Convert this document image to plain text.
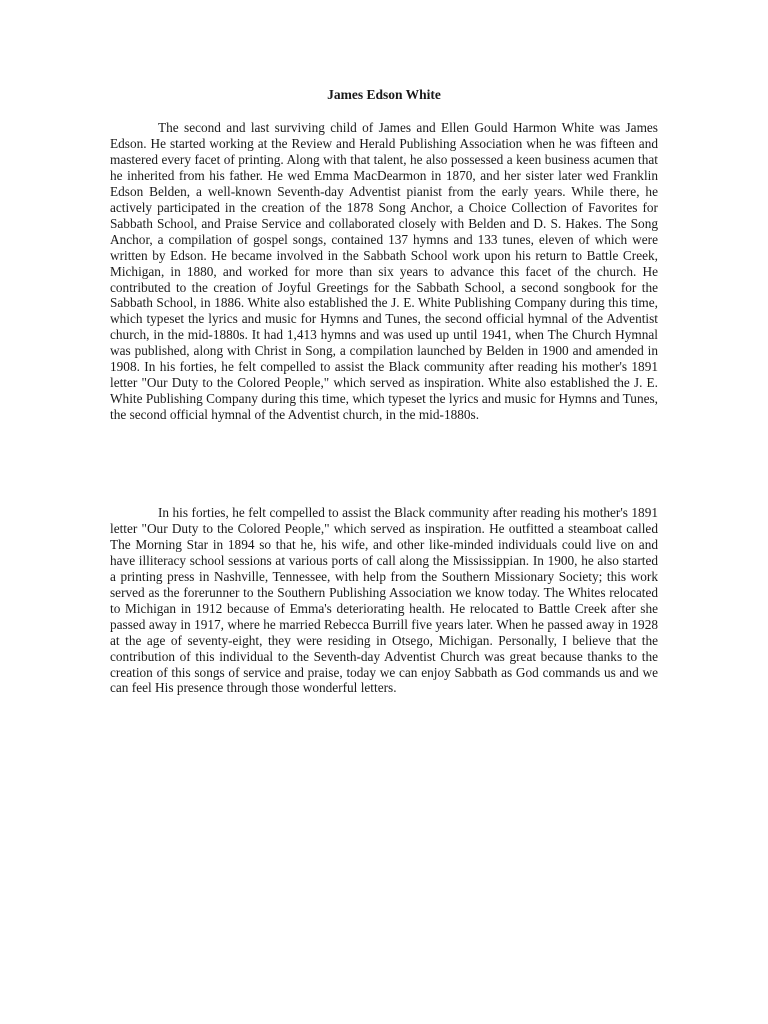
James Edson White

The second and last surviving child of James and Ellen Gould Harmon White was James Edson. He started working at the Review and Herald Publishing Association when he was fifteen and mastered every facet of printing. Along with that talent, he also possessed a keen business acumen that he inherited from his father. He wed Emma MacDearmon in 1870, and her sister later wed Franklin Edson Belden, a well-known Seventh-day Adventist pianist from the early years. While there, he actively participated in the creation of the 1878 Song Anchor, a Choice Collection of Favorites for Sabbath School, and Praise Service and collaborated closely with Belden and D. S. Hakes. The Song Anchor, a compilation of gospel songs, contained 137 hymns and 133 tunes, eleven of which were written by Edson. He became involved in the Sabbath School work upon his return to Battle Creek, Michigan, in 1880, and worked for more than six years to advance this facet of the church. He contributed to the creation of Joyful Greetings for the Sabbath School, a second songbook for the Sabbath School, in 1886. White also established the J. E. White Publishing Company during this time, which typeset the lyrics and music for Hymns and Tunes, the second official hymnal of the Adventist church, in the mid-1880s. It had 1,413 hymns and was used up until 1941, when The Church Hymnal was published, along with Christ in Song, a compilation launched by Belden in 1900 and amended in 1908. In his forties, he felt compelled to assist the Black community after reading his mother's 1891 letter "Our Duty to the Colored People," which served as inspiration. White also established the J. E. White Publishing Company during this time, which typeset the lyrics and music for Hymns and Tunes, the second official hymnal of the Adventist church, in the mid-1880s.

In his forties, he felt compelled to assist the Black community after reading his mother's 1891 letter "Our Duty to the Colored People," which served as inspiration. He outfitted a steamboat called The Morning Star in 1894 so that he, his wife, and other like-minded individuals could live on and have illiteracy school sessions at various ports of call along the Mississippian. In 1900, he also started a printing press in Nashville, Tennessee, with help from the Southern Missionary Society; this work served as the forerunner to the Southern Publishing Association we know today. The Whites relocated to Michigan in 1912 because of Emma's deteriorating health. He relocated to Battle Creek after she passed away in 1917, where he married Rebecca Burrill five years later. When he passed away in 1928 at the age of seventy-eight, they were residing in Otsego, Michigan. Personally, I believe that the contribution of this individual to the Seventh-day Adventist Church was great because thanks to the creation of this songs of service and praise, today we can enjoy Sabbath as God commands us and we can feel His presence through those wonderful letters.
